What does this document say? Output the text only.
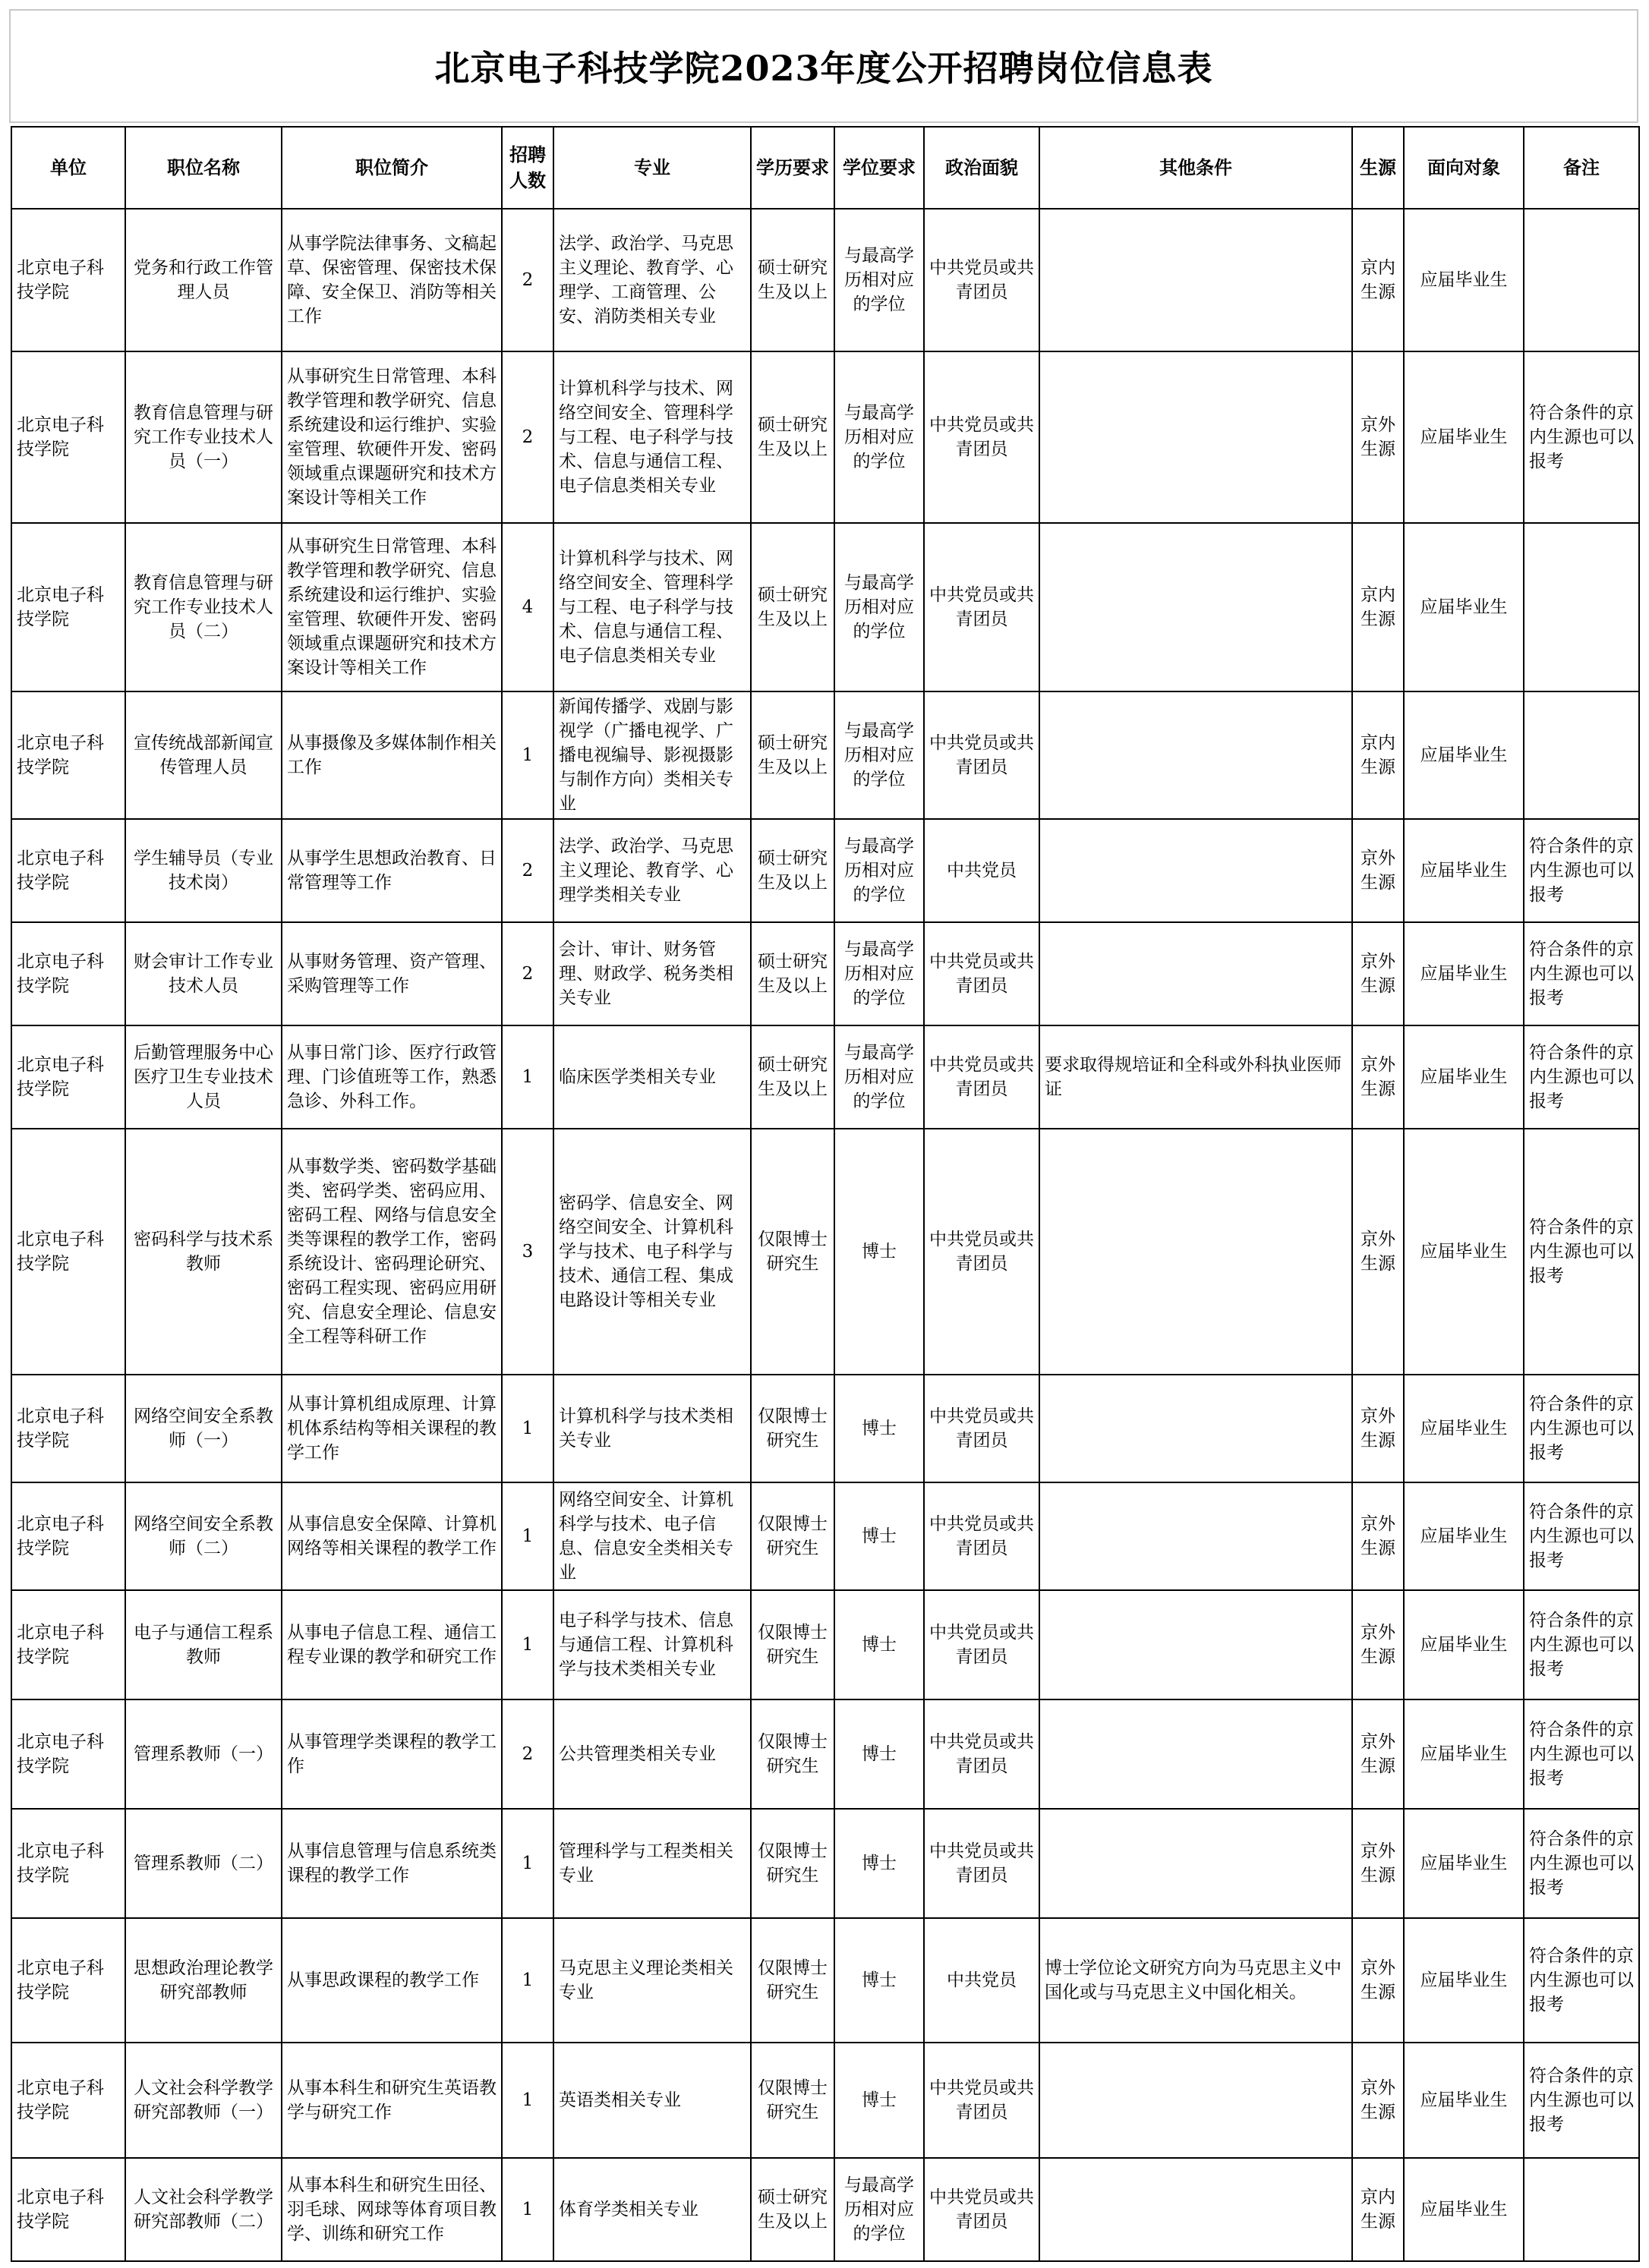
北京电子科技学院2023年度公开招聘岗位信息表
单位	职位名称	职位简介	招聘人数	专业	学历要求	学位要求	政治面貌	其他条件	生源	面向对象	备注
北京电子科技学院	党务和行政工作管理人员	从事学院法律事务、文稿起草、保密管理、保密技术保障、安全保卫、消防等相关工作	2	法学、政治学、马克思主义理论、教育学、心理学、工商管理、公安、消防类相关专业	硕士研究生及以上	与最高学历相对应的学位	中共党员或共青团员		京内生源	应届毕业生	
北京电子科技学院	教育信息管理与研究工作专业技术人员（一）	从事研究生日常管理、本科教学管理和教学研究、信息系统建设和运行维护、实验室管理、软硬件开发、密码领域重点课题研究和技术方案设计等相关工作	2	计算机科学与技术、网络空间安全、管理科学与工程、电子科学与技术、信息与通信工程、电子信息类相关专业	硕士研究生及以上	与最高学历相对应的学位	中共党员或共青团员		京外生源	应届毕业生	符合条件的京内生源也可以报考
北京电子科技学院	教育信息管理与研究工作专业技术人员（二）	从事研究生日常管理、本科教学管理和教学研究、信息系统建设和运行维护、实验室管理、软硬件开发、密码领域重点课题研究和技术方案设计等相关工作	4	计算机科学与技术、网络空间安全、管理科学与工程、电子科学与技术、信息与通信工程、电子信息类相关专业	硕士研究生及以上	与最高学历相对应的学位	中共党员或共青团员		京内生源	应届毕业生	
北京电子科技学院	宣传统战部新闻宣传管理人员	从事摄像及多媒体制作相关工作	1	新闻传播学、戏剧与影视学（广播电视学、广播电视编导、影视摄影与制作方向）类相关专业	硕士研究生及以上	与最高学历相对应的学位	中共党员或共青团员		京内生源	应届毕业生	
北京电子科技学院	学生辅导员（专业技术岗）	从事学生思想政治教育、日常管理等工作	2	法学、政治学、马克思主义理论、教育学、心理学类相关专业	硕士研究生及以上	与最高学历相对应的学位	中共党员		京外生源	应届毕业生	符合条件的京内生源也可以报考
北京电子科技学院	财会审计工作专业技术人员	从事财务管理、资产管理、采购管理等工作	2	会计、审计、财务管理、财政学、税务类相关专业	硕士研究生及以上	与最高学历相对应的学位	中共党员或共青团员		京外生源	应届毕业生	符合条件的京内生源也可以报考
北京电子科技学院	后勤管理服务中心医疗卫生专业技术人员	从事日常门诊、医疗行政管理、门诊值班等工作，熟悉急诊、外科工作。	1	临床医学类相关专业	硕士研究生及以上	与最高学历相对应的学位	中共党员或共青团员	要求取得规培证和全科或外科执业医师证	京外生源	应届毕业生	符合条件的京内生源也可以报考
北京电子科技学院	密码科学与技术系教师	从事数学类、密码数学基础类、密码学类、密码应用、密码工程、网络与信息安全类等课程的教学工作，密码系统设计、密码理论研究、密码工程实现、密码应用研究、信息安全理论、信息安全工程等科研工作	3	密码学、信息安全、网络空间安全、计算机科学与技术、电子科学与技术、通信工程、集成电路设计等相关专业	仅限博士研究生	博士	中共党员或共青团员		京外生源	应届毕业生	符合条件的京内生源也可以报考
北京电子科技学院	网络空间安全系教师（一）	从事计算机组成原理、计算机体系结构等相关课程的教学工作	1	计算机科学与技术类相关专业	仅限博士研究生	博士	中共党员或共青团员		京外生源	应届毕业生	符合条件的京内生源也可以报考
北京电子科技学院	网络空间安全系教师（二）	从事信息安全保障、计算机网络等相关课程的教学工作	1	网络空间安全、计算机科学与技术、电子信息、信息安全类相关专业	仅限博士研究生	博士	中共党员或共青团员		京外生源	应届毕业生	符合条件的京内生源也可以报考
北京电子科技学院	电子与通信工程系教师	从事电子信息工程、通信工程专业课的教学和研究工作	1	电子科学与技术、信息与通信工程、计算机科学与技术类相关专业	仅限博士研究生	博士	中共党员或共青团员		京外生源	应届毕业生	符合条件的京内生源也可以报考
北京电子科技学院	管理系教师（一）	从事管理学类课程的教学工作	2	公共管理类相关专业	仅限博士研究生	博士	中共党员或共青团员		京外生源	应届毕业生	符合条件的京内生源也可以报考
北京电子科技学院	管理系教师（二）	从事信息管理与信息系统类课程的教学工作	1	管理科学与工程类相关专业	仅限博士研究生	博士	中共党员或共青团员		京外生源	应届毕业生	符合条件的京内生源也可以报考
北京电子科技学院	思想政治理论教学研究部教师	从事思政课程的教学工作	1	马克思主义理论类相关专业	仅限博士研究生	博士	中共党员	博士学位论文研究方向为马克思主义中国化或与马克思主义中国化相关。	京外生源	应届毕业生	符合条件的京内生源也可以报考
北京电子科技学院	人文社会科学教学研究部教师（一）	从事本科生和研究生英语教学与研究工作	1	英语类相关专业	仅限博士研究生	博士	中共党员或共青团员		京外生源	应届毕业生	符合条件的京内生源也可以报考
北京电子科技学院	人文社会科学教学研究部教师（二）	从事本科生和研究生田径、羽毛球、网球等体育项目教学、训练和研究工作	1	体育学类相关专业	硕士研究生及以上	与最高学历相对应的学位	中共党员或共青团员		京内生源	应届毕业生	
